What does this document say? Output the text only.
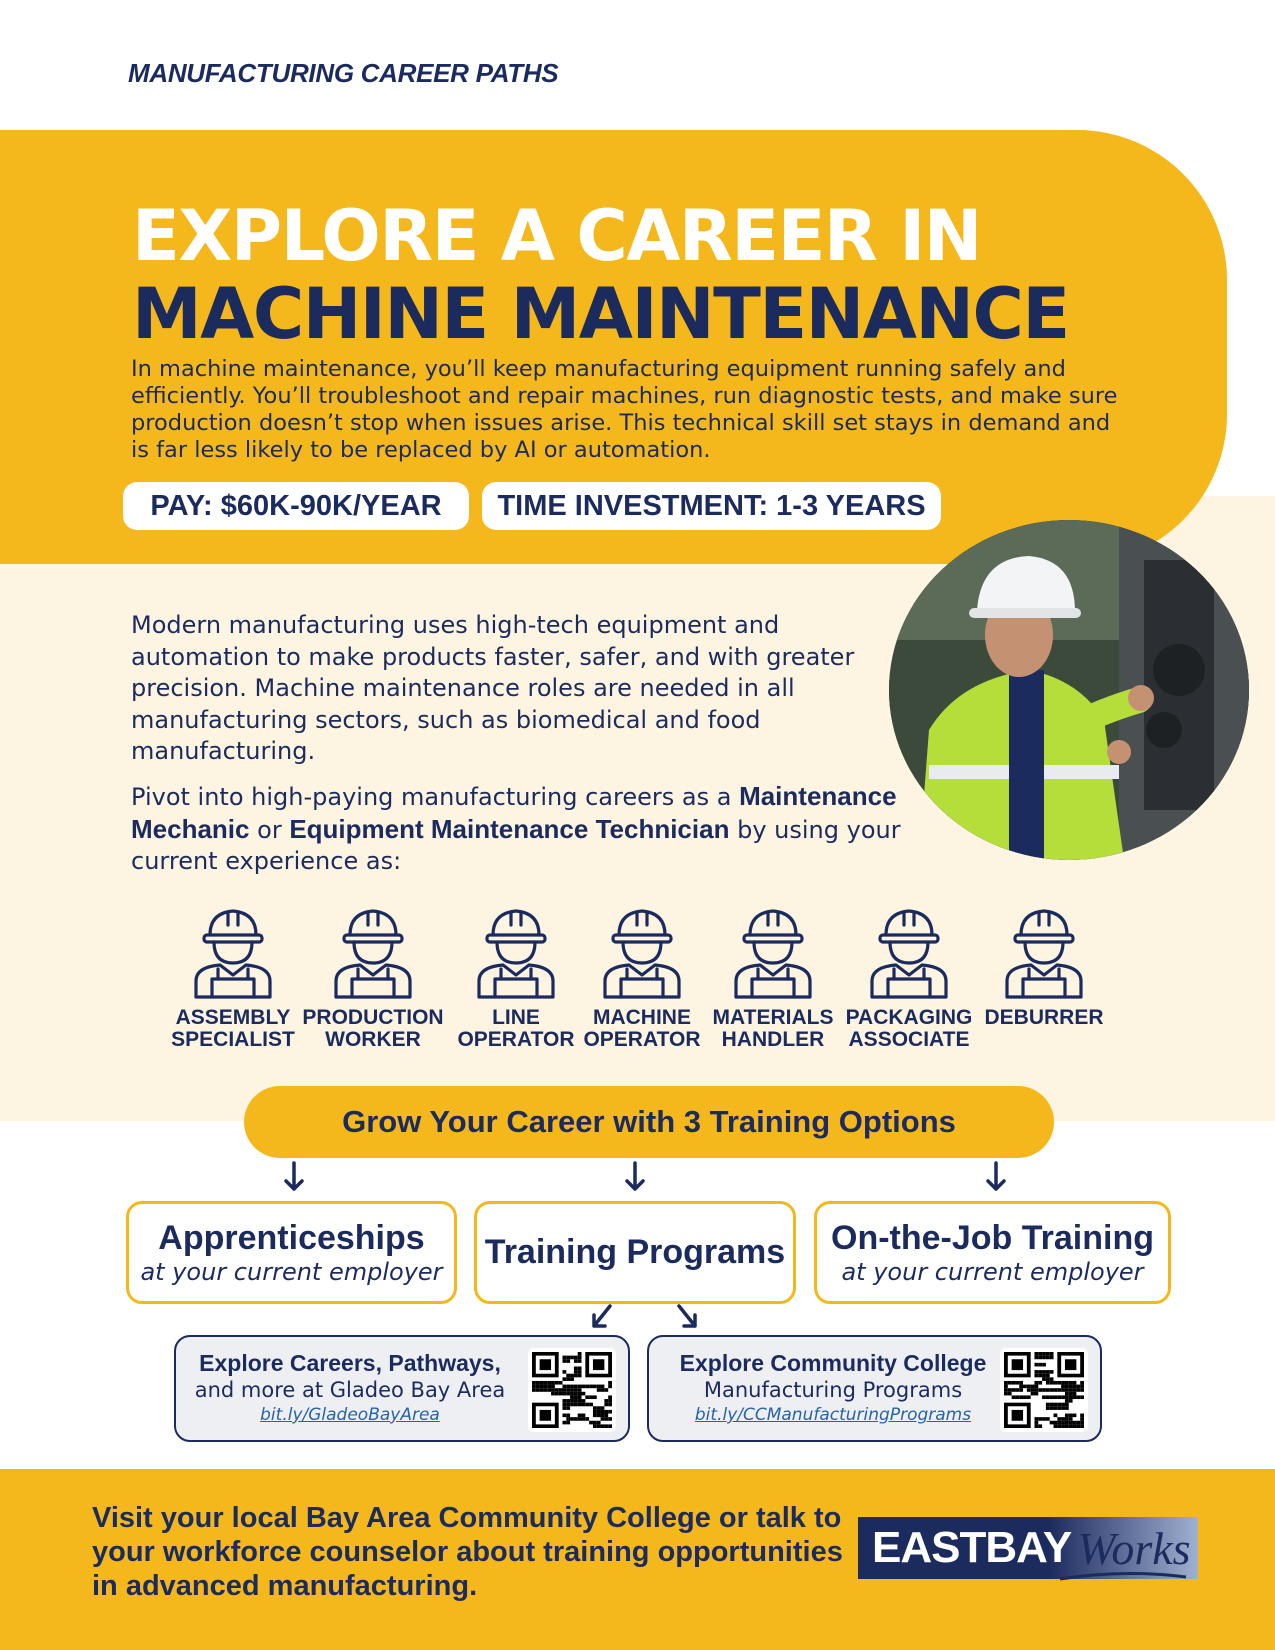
MANUFACTURING CAREER PATHS
EXPLORE A CAREER IN
MACHINE MAINTENANCE
In machine maintenance, you’ll keep manufacturing equipment running safely and efficiently. You’ll troubleshoot and repair machines, run diagnostic tests, and make sure production doesn’t stop when issues arise. This technical skill set stays in demand and is far less likely to be replaced by AI or automation.
PAY: $60K-90K/YEAR	TIME INVESTMENT: 1-3 YEARS
Modern manufacturing uses high-tech equipment and automation to make products faster, safer, and with greater precision. Machine maintenance roles are needed in all manufacturing sectors, such as biomedical and food manufacturing.
Pivot into high-paying manufacturing careers as a Maintenance Mechanic or Equipment Maintenance Technician by using your current experience as:
ASSEMBLY
SPECIALIST
PRODUCTION
WORKER
LINE
OPERATOR
MACHINE
OPERATOR
MATERIALS
HANDLER
PACKAGING
ASSOCIATE
DEBURRER
Grow Your Career with 3 Training Options
Apprenticeships
at your current employer
Training Programs On-the-Job Training
at your current employer
Explore Careers, Pathways,
and more at Gladeo Bay Area
bit.ly/GladeoBayArea
Explore Community College
Manufacturing Programs
bit.ly/CCManufacturingPrograms
Visit your local Bay Area Community College or talk to your workforce counselor about training opportunities in advanced manufacturing.
EASTBAY Works
